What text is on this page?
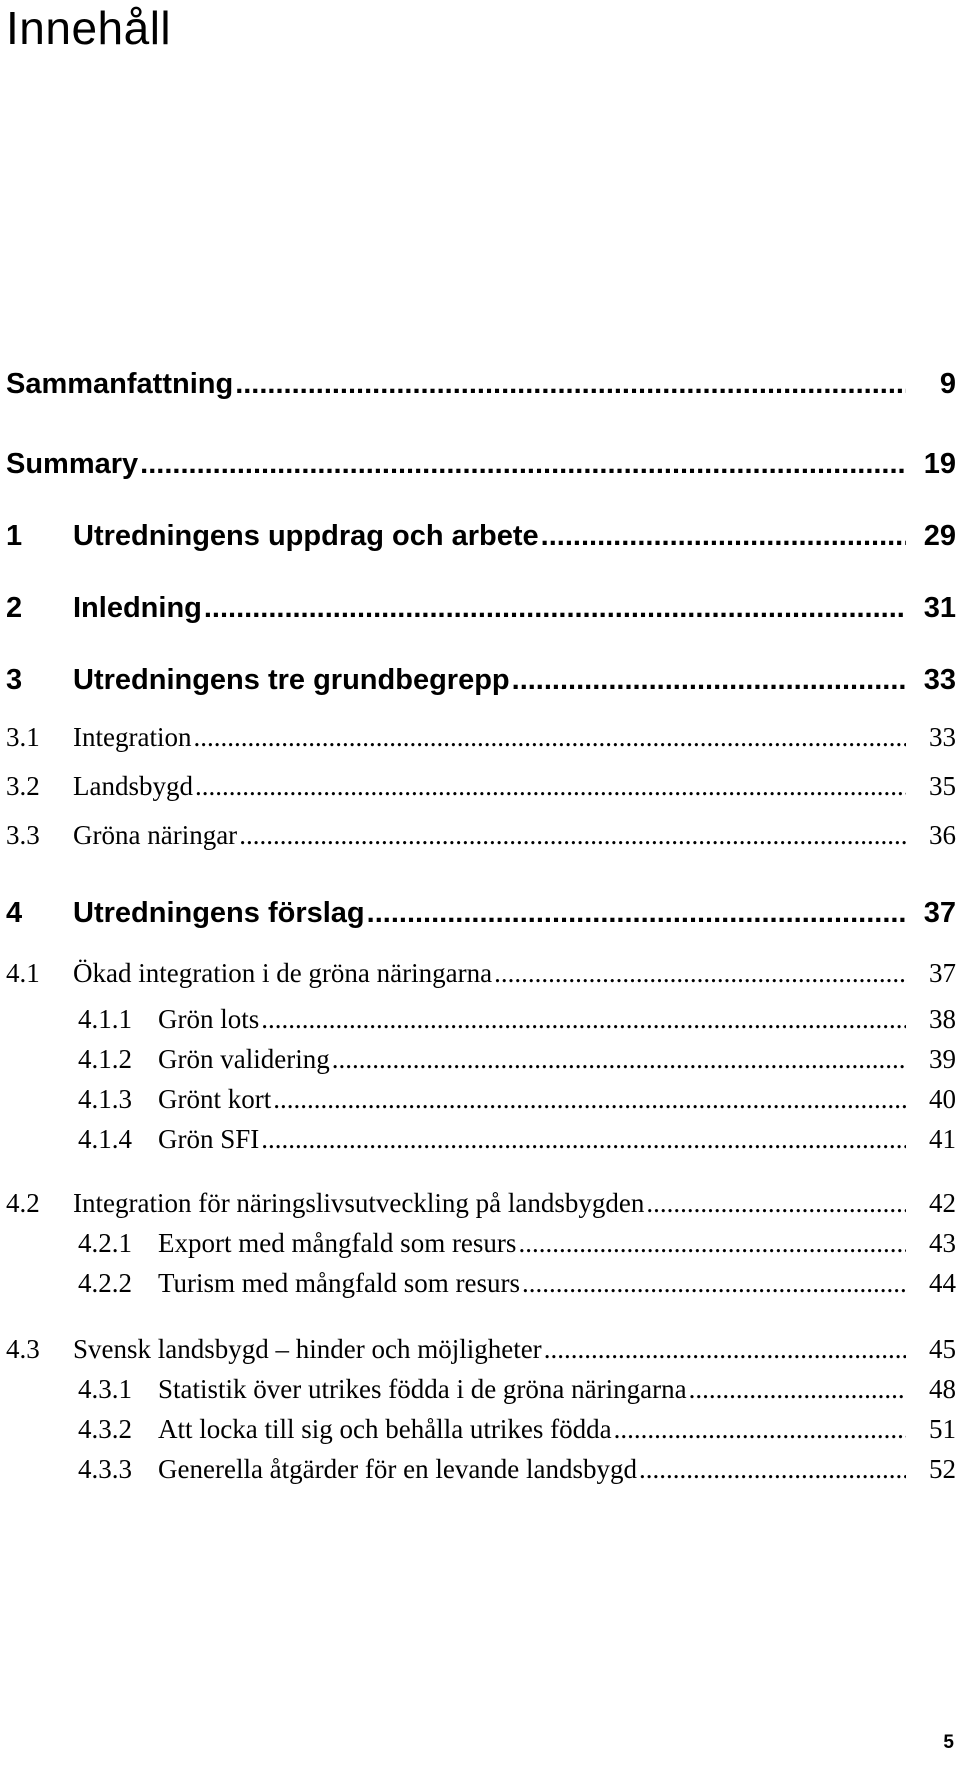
Innehåll
Sammanfattning .....	9
Summary .....	19
1 Utredningens uppdrag och arbete .....	29
2 Inledning .....	31
3 Utredningens tre grundbegrepp .....	33
3.1 Integration .....	33
3.2 Landsbygd .....	35
3.3 Gröna näringar .....	36
4 Utredningens förslag .....	37
4.1 Ökad integration i de gröna näringarna .....	37
4.1.1 Grön lots .....	38
4.1.2 Grön validering .....	39
4.1.3 Grönt kort .....	40
4.1.4 Grön SFI .....	41
4.2 Integration för näringslivsutveckling på landsbygden .....	42
4.2.1 Export med mångfald som resurs .....	43
4.2.2 Turism med mångfald som resurs .....	44
4.3 Svensk landsbygd – hinder och möjligheter .....	45
4.3.1 Statistik över utrikes födda i de gröna näringarna .....	48
4.3.2 Att locka till sig och behålla utrikes födda .....	51
4.3.3 Generella åtgärder för en levande landsbygd .....	52
5
